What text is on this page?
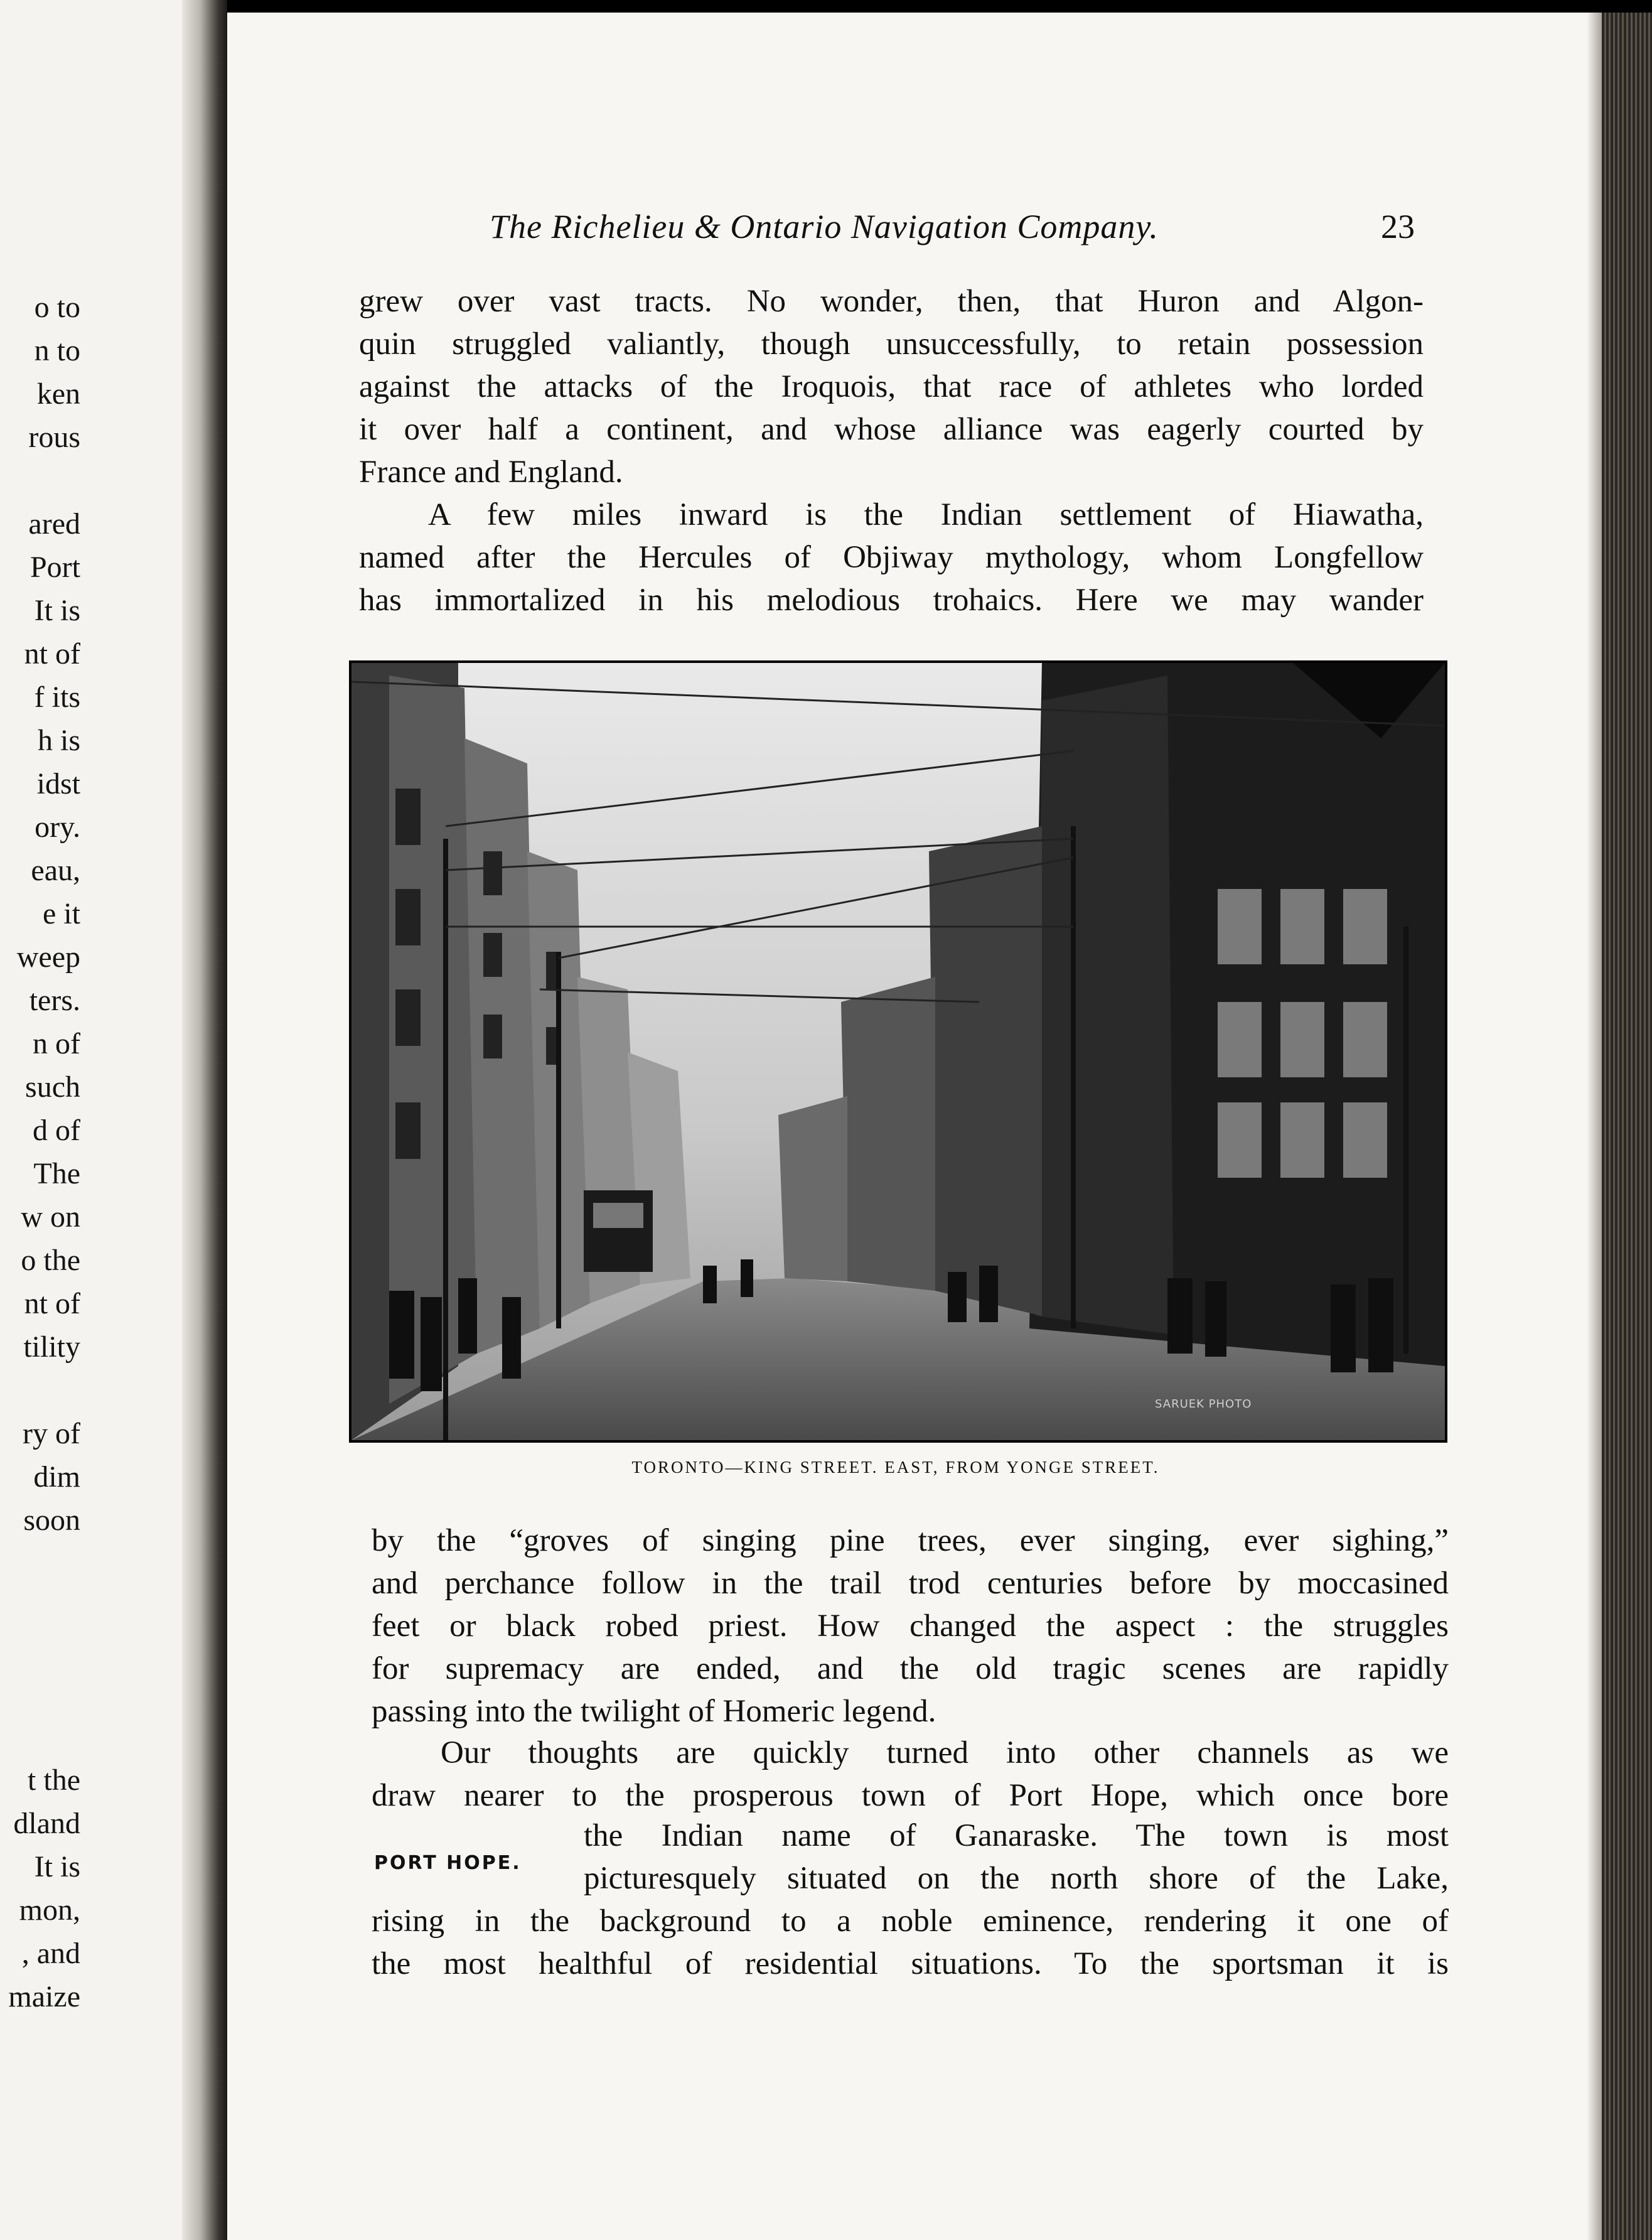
o to
n to
ken
rous
ared
Port
It is
nt of
f its
h is
idst
ory.
eau,
e it
weep
ters.
n of
such
d of
The
w on
o the
nt of
tility
ry of
dim
soon
t the
dland
It is
mon,
, and
maize
The Richelieu & Ontario Navigation Company.	23

grew over vast tracts. No wonder, then, that Huron and Algon-

quin struggled valiantly, though unsuccessfully, to retain possession

against the attacks of the Iroquois, that race of athletes who lorded

it over half a continent, and whose alliance was eagerly courted by

France and England.

A few miles inward is the Indian settlement of Hiawatha,

named after the Hercules of Objiway mythology, whom Longfellow

has immortalized in his melodious trohaics. Here we may wander

SARUEK PHOTO
TORONTO—KING STREET. EAST, FROM YONGE STREET.

by the “groves of singing pine trees, ever singing, ever sighing,”

and perchance follow in the trail trod centuries before by moccasined

feet or black robed priest. How changed the aspect : the struggles

for supremacy are ended, and the old tragic scenes are rapidly

passing into the twilight of Homeric legend.

Our thoughts are quickly turned into other channels as we

draw nearer to the prosperous town of Port Hope, which once bore

PORT HOPE.

the Indian name of Ganaraske. The town is most

picturesquely situated on the north shore of the Lake,

rising in the background to a noble eminence, rendering it one of

the most healthful of residential situations. To the sportsman it is
